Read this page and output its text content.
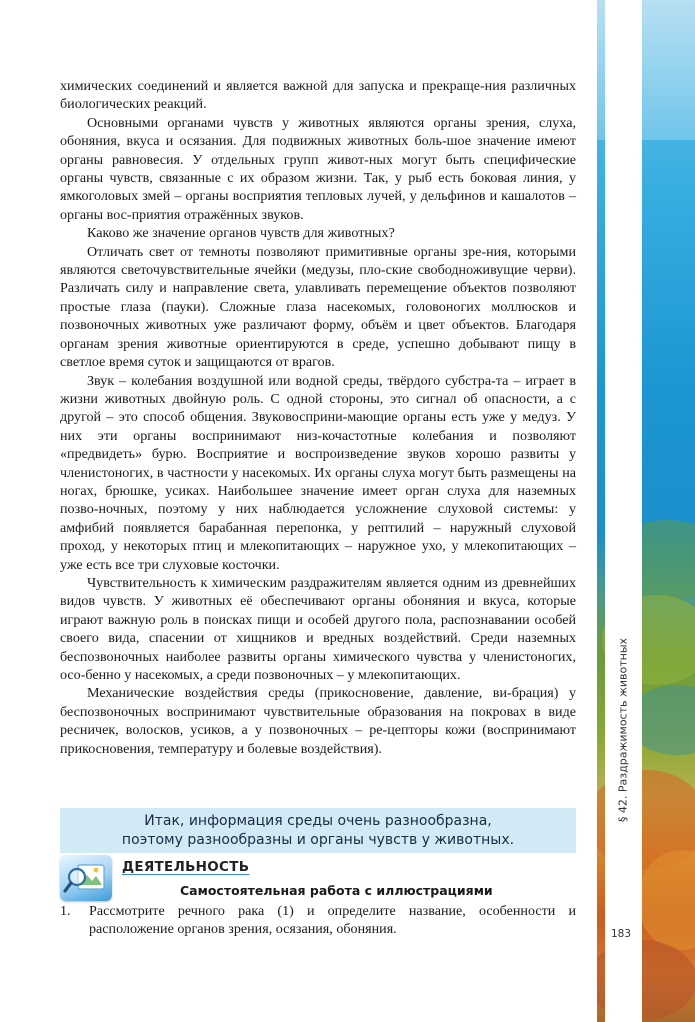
химических соединений и является важной для запуска и прекраще-ния различных биологических реакций.

Основными органами чувств у животных являются органы зрения, слуха, обоняния, вкуса и осязания. Для подвижных животных боль-шое значение имеют органы равновесия. У отдельных групп живот-ных могут быть специфические органы чувств, связанные с их образом жизни. Так, у рыб есть боковая линия, у ямкоголовых змей – органы восприятия тепловых лучей, у дельфинов и кашалотов – органы вос-приятия отражённых звуков.

Каково же значение органов чувств для животных?

Отличать свет от темноты позволяют примитивные органы зре-ния, которыми являются светочувствительные ячейки (медузы, пло-ские свободноживущие черви). Различать силу и направление света, улавливать перемещение объектов позволяют простые глаза (пауки). Сложные глаза насекомых, головоногих моллюсков и позвоночных животных уже различают форму, объём и цвет объектов. Благодаря органам зрения животные ориентируются в среде, успешно добывают пищу в светлое время суток и защищаются от врагов.

Звук – колебания воздушной или водной среды, твёрдого субстра-та – играет в жизни животных двойную роль. С одной стороны, это сигнал об опасности, а с другой – это способ общения. Звуковосприни-мающие органы есть уже у медуз. У них эти органы воспринимают низ-кочастотные колебания и позволяют «предвидеть» бурю. Восприятие и воспроизведение звуков хорошо развиты у членистоногих, в частности у насекомых. Их органы слуха могут быть размещены на ногах, брюшке, усиках. Наибольшее значение имеет орган слуха для наземных позво-ночных, поэтому у них наблюдается усложнение слуховой системы: у амфибий появляется барабанная перепонка, у рептилий – наружный слуховой проход, у некоторых птиц и млекопитающих – наружное ухо, у млекопитающих – уже есть все три слуховые косточки.

Чувствительность к химическим раздражителям является одним из древнейших видов чувств. У животных её обеспечивают органы обоняния и вкуса, которые играют важную роль в поисках пищи и особей другого пола, распознавании особей своего вида, спасении от хищников и вредных воздействий. Среди наземных беспозвоночных наиболее развиты органы химического чувства у членистоногих, осо-бенно у насекомых, а среди позвоночных – у млекопитающих.

Механические воздействия среды (прикосновение, давление, ви-брация) у беспозвоночных воспринимают чувствительные образования на покровах в виде ресничек, волосков, усиков, а у позвоночных – ре-цепторы кожи (воспринимают прикосновения, температуру и болевые воздействия).

Итак, информация среды очень разнообразна,
поэтому разнообразны и органы чувств у животных.
ДЕЯТЕЛЬНОСТЬ
Самостоятельная работа с иллюстрациями
1. Рассмотрите речного рака (1) и определите название, особенности и расположение органов зрения, осязания, обоняния.
§ 42. Раздражимость животных
183
